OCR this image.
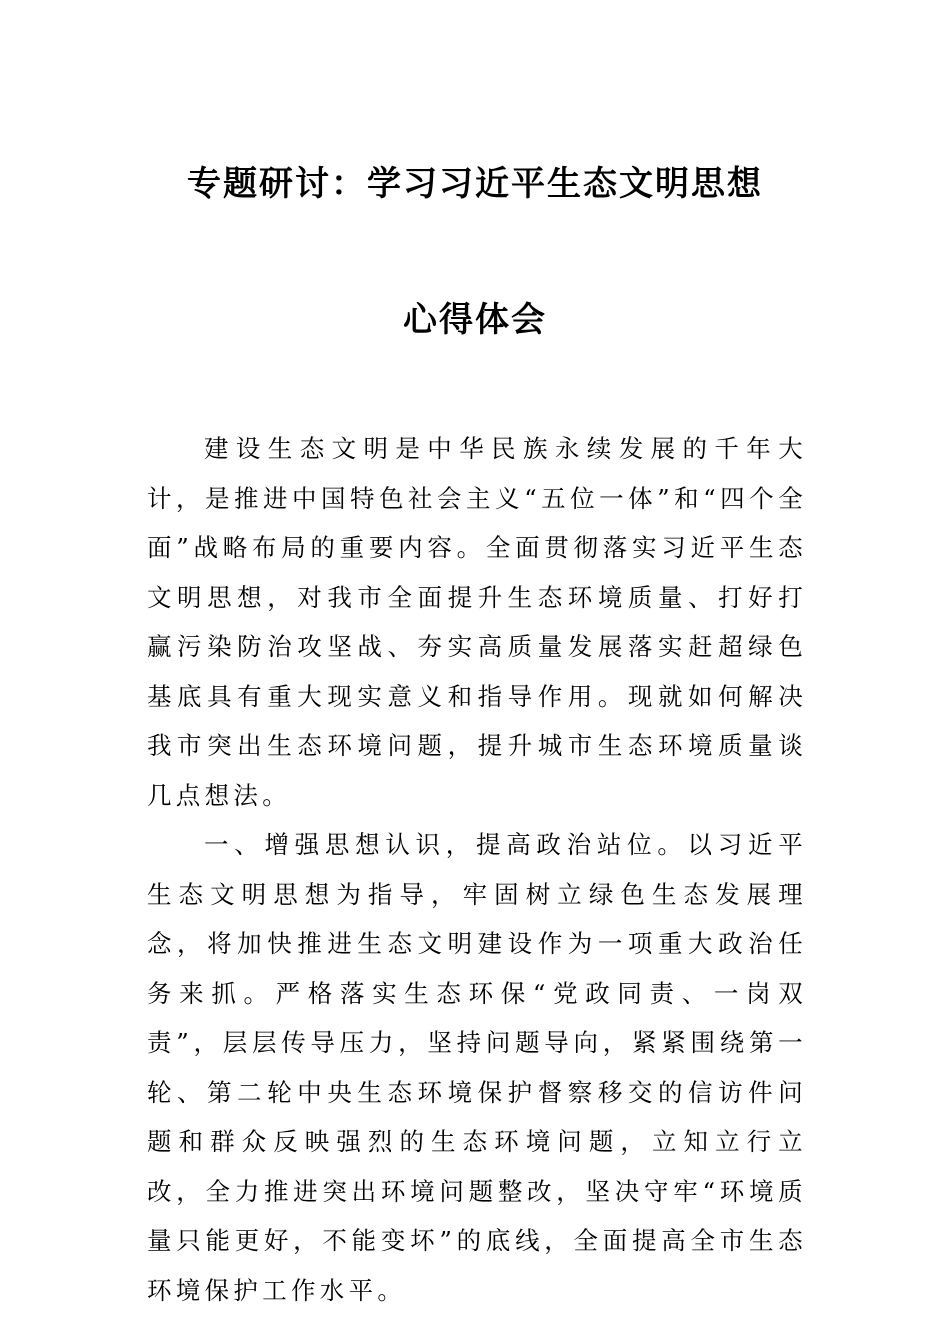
专题研讨：学习习近平生态文明思想
心得体会

建设生态文明是中华民族永续发展的千年大计，是推进中国特色社会主义“五位一体”和“四个全面”战略布局的重要内容。全面贯彻落实习近平生态文明思想，对我市全面提升生态环境质量、打好打赢污染防治攻坚战、夯实高质量发展落实赶超绿色基底具有重大现实意义和指导作用。现就如何解决我市突出生态环境问题，提升城市生态环境质量谈几点想法。

一、增强思想认识，提高政治站位。以习近平生态文明思想为指导，牢固树立绿色生态发展理念，将加快推进生态文明建设作为一项重大政治任务来抓。严格落实生态环保“党政同责、一岗双责”，层层传导压力，坚持问题导向，紧紧围绕第一轮、第二轮中央生态环境保护督察移交的信访件问题和群众反映强烈的生态环境问题，立知立行立改，全力推进突出环境问题整改，坚决守牢“环境质量只能更好，不能变坏”的底线，全面提高全市生态环境保护工作水平。
